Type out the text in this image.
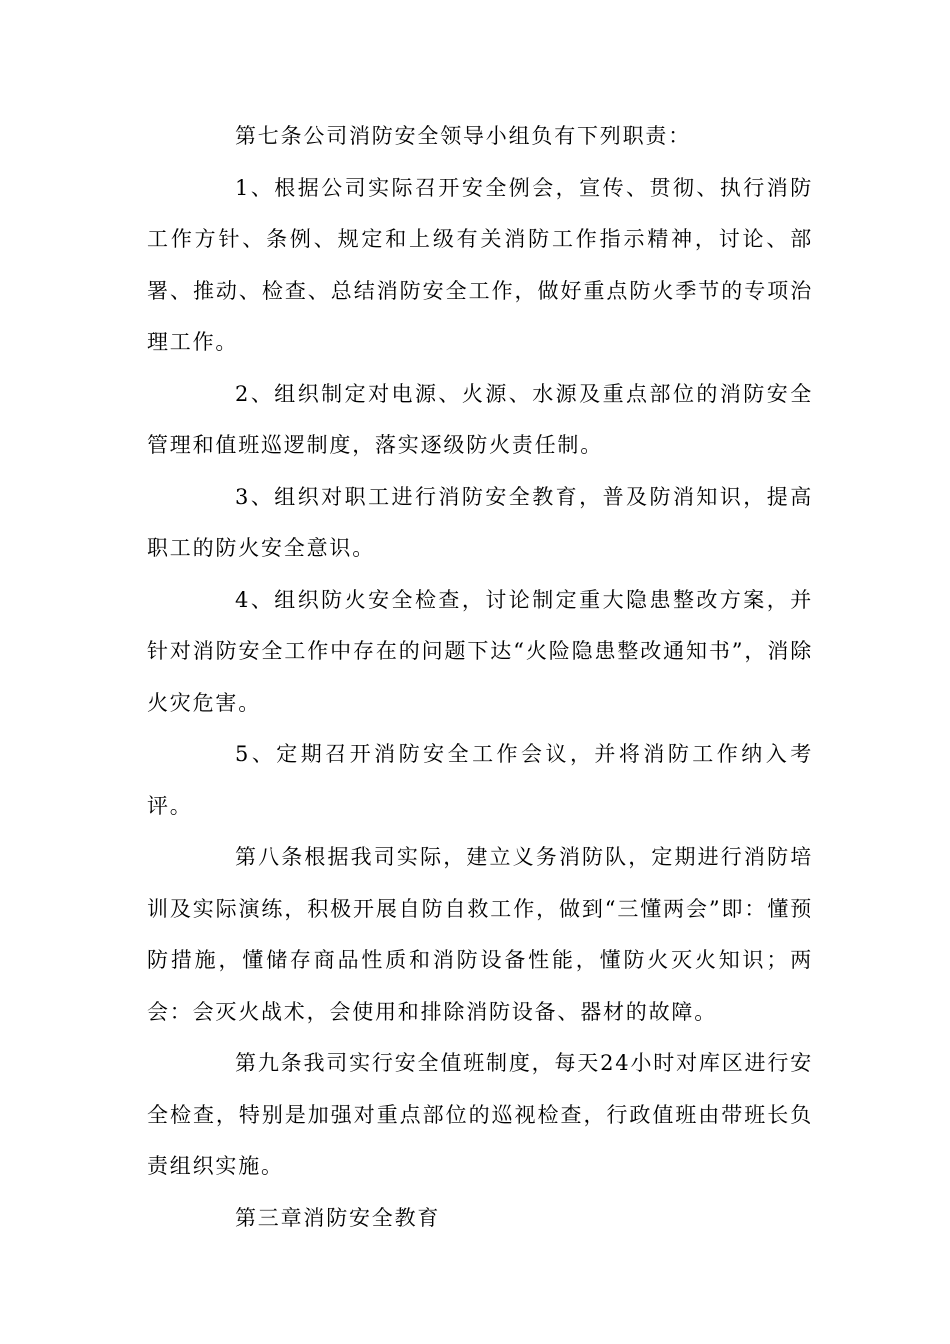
第七条公司消防安全领导小组负有下列职责：

1、根据公司实际召开安全例会，宣传、贯彻、执行消防工作方针、条例、规定和上级有关消防工作指示精神，讨论、部署、推动、检查、总结消防安全工作，做好重点防火季节的专项治理工作。

2、组织制定对电源、火源、水源及重点部位的消防安全管理和值班巡逻制度，落实逐级防火责任制。

3、组织对职工进行消防安全教育，普及防消知识，提高职工的防火安全意识。

4、组织防火安全检查，讨论制定重大隐患整改方案，并针对消防安全工作中存在的问题下达“火险隐患整改通知书”，消除火灾危害。

5、定期召开消防安全工作会议，并将消防工作纳入考评。

第八条根据我司实际，建立义务消防队，定期进行消防培训及实际演练，积极开展自防自救工作，做到“三懂两会”即：懂预防措施，懂储存商品性质和消防设备性能，懂防火灭火知识；两会：会灭火战术，会使用和排除消防设备、器材的故障。

第九条我司实行安全值班制度，每天24小时对库区进行安全检查，特别是加强对重点部位的巡视检查，行政值班由带班长负责组织实施。

第三章消防安全教育
